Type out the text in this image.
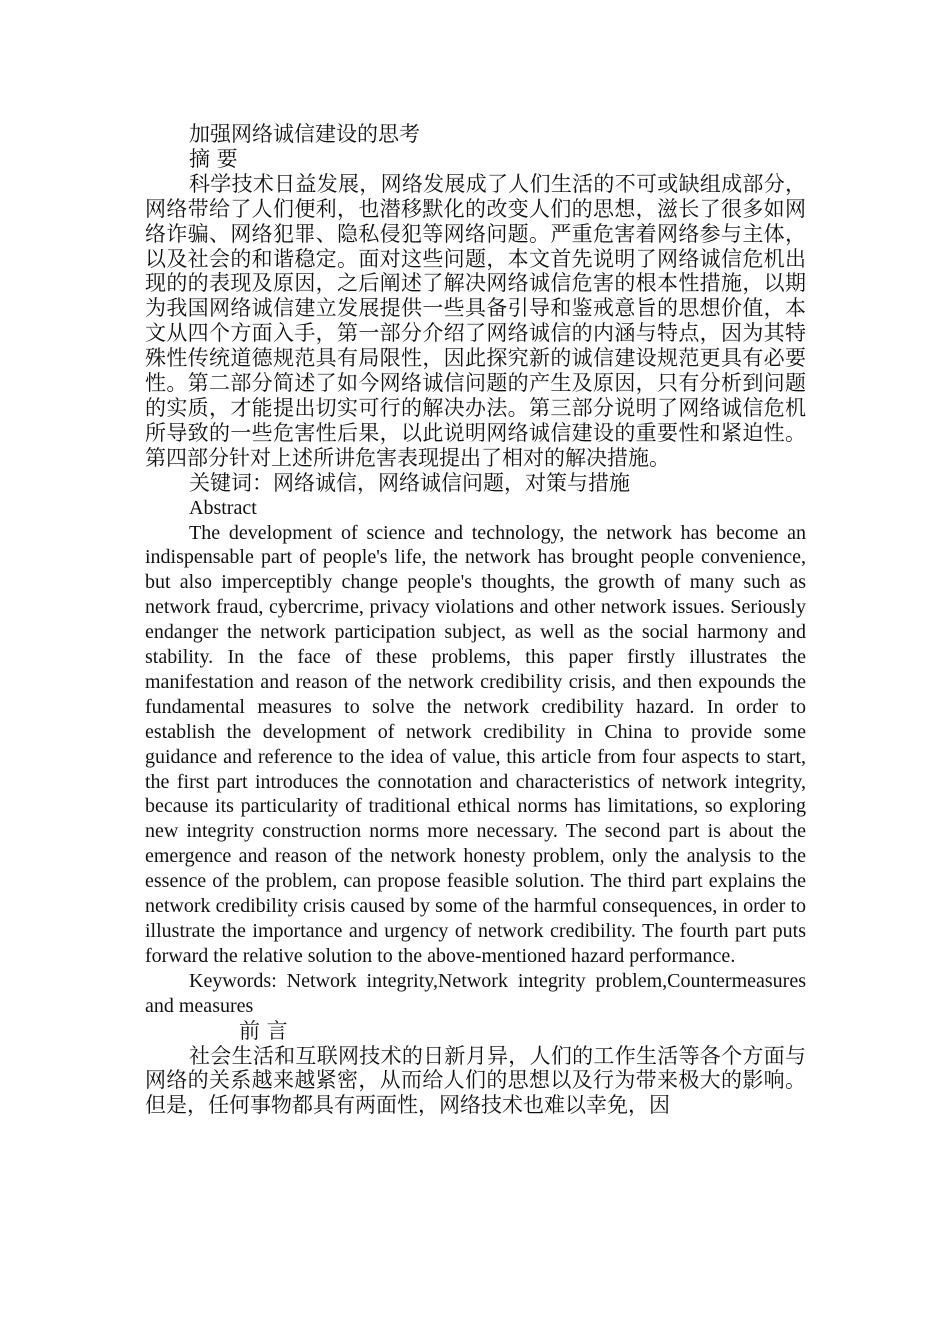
加强网络诚信建设的思考

摘 要

科学技术日益发展，网络发展成了人们生活的不可或缺组成部分，网络带给了人们便利，也潜移默化的改变人们的思想，滋长了很多如网络诈骗、网络犯罪、隐私侵犯等网络问题。严重危害着网络参与主体，以及社会的和谐稳定。面对这些问题，本文首先说明了网络诚信危机出现的的表现及原因，之后阐述了解决网络诚信危害的根本性措施，以期为我国网络诚信建立发展提供一些具备引导和鉴戒意旨的思想价值，本文从四个方面入手，第一部分介绍了网络诚信的内涵与特点，因为其特殊性传统道德规范具有局限性，因此探究新的诚信建设规范更具有必要性。第二部分简述了如今网络诚信问题的产生及原因，只有分析到问题的实质，才能提出切实可行的解决办法。第三部分说明了网络诚信危机所导致的一些危害性后果，以此说明网络诚信建设的重要性和紧迫性。第四部分针对上述所讲危害表现提出了相对的解决措施。

关键词：网络诚信，网络诚信问题，对策与措施

Abstract

The development of science and technology, the network has become an indispensable part of people's life, the network has brought people convenience, but also imperceptibly change people's thoughts, the growth of many such as network fraud, cybercrime, privacy violations and other network issues. Seriously endanger the network participation subject, as well as the social harmony and stability. In the face of these problems, this paper firstly illustrates the manifestation and reason of the network credibility crisis, and then expounds the fundamental measures to solve the network credibility hazard. In order to establish the development of network credibility in China to provide some guidance and reference to the idea of value, this article from four aspects to start, the first part introduces the connotation and characteristics of network integrity, because its particularity of traditional ethical norms has limitations, so exploring new integrity construction norms more necessary. The second part is about the emergence and reason of the network honesty problem, only the analysis to the essence of the problem, can propose feasible solution. The third part explains the network credibility crisis caused by some of the harmful consequences, in order to illustrate the importance and urgency of network credibility. The fourth part puts forward the relative solution to the above-mentioned hazard performance.

Keywords: Network integrity,Network integrity problem,Countermeasures and measures

前 言

社会生活和互联网技术的日新月异，人们的工作生活等各个方面与网络的关系越来越紧密，从而给人们的思想以及行为带来极大的影响。但是，任何事物都具有两面性，网络技术也难以幸免，因
